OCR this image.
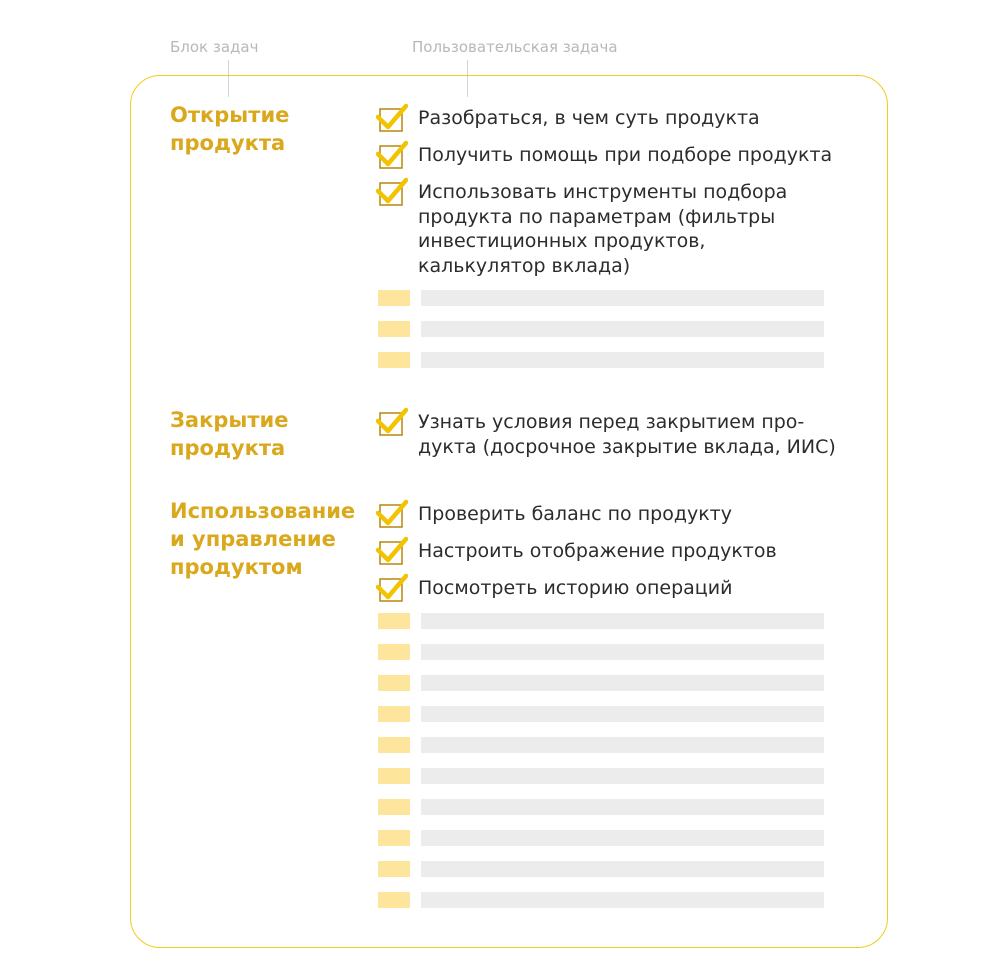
Блок задач	Пользовательская задача
Открытие
продукта
Разобраться, в чем суть продукта
Получить помощь при подборе продукта
Использовать инструменты подбора продукта по параметрам (фильтры инвестиционных продуктов, калькулятор вклада)
Закрытие
продукта
Узнать условия перед закрытием про-дукта (досрочное закрытие вклада, ИИС)
Использование
и управление
продуктом
Проверить баланс по продукту
Настроить отображение продуктов
Посмотреть историю операций
